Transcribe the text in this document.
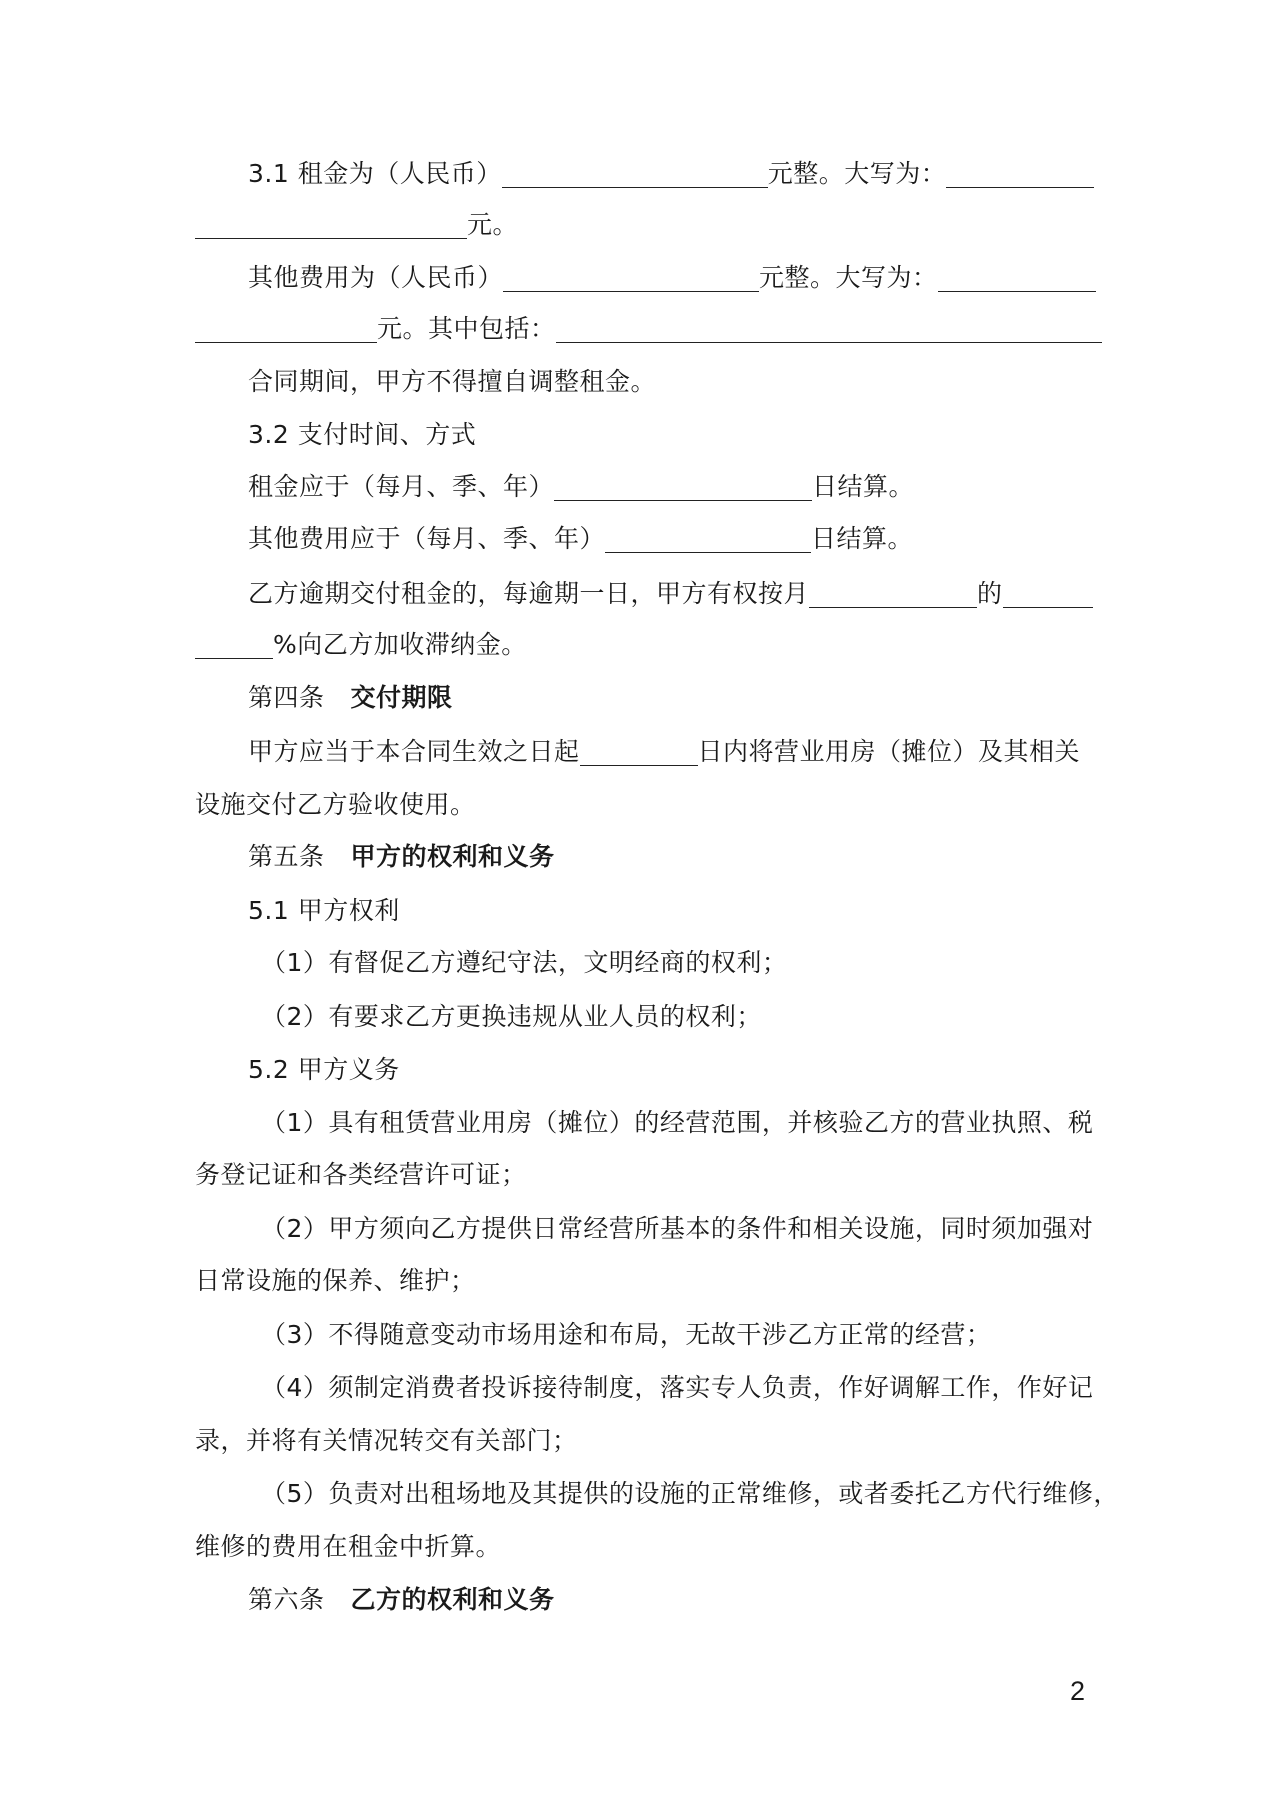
3.1 租金为（人民币）	元整。大写为：
元。
其他费用为（人民币）	元整。大写为：
元。其中包括：
合同期间，甲方不得擅自调整租金。
3.2 支付时间、方式
租金应于（每月、季、年）	日结算。
其他费用应于（每月、季、年）	日结算。
乙方逾期交付租金的，每逾期一日，甲方有权按月	的
%向乙方加收滞纳金。
第四条 交付期限
甲方应当于本合同生效之日起	日内将营业用房（摊位）及其相关
设施交付乙方验收使用。
第五条 甲方的权利和义务
5.1 甲方权利
（1）有督促乙方遵纪守法，文明经商的权利；
（2）有要求乙方更换违规从业人员的权利；
5.2 甲方义务
（1）具有租赁营业用房（摊位）的经营范围，并核验乙方的营业执照、税
务登记证和各类经营许可证；
（2）甲方须向乙方提供日常经营所基本的条件和相关设施，同时须加强对
日常设施的保养、维护；
（3）不得随意变动市场用途和布局，无故干涉乙方正常的经营；
（4）须制定消费者投诉接待制度，落实专人负责，作好调解工作，作好记
录，并将有关情况转交有关部门；
（5）负责对出租场地及其提供的设施的正常维修，或者委托乙方代行维修，
维修的费用在租金中折算。
第六条 乙方的权利和义务
2
